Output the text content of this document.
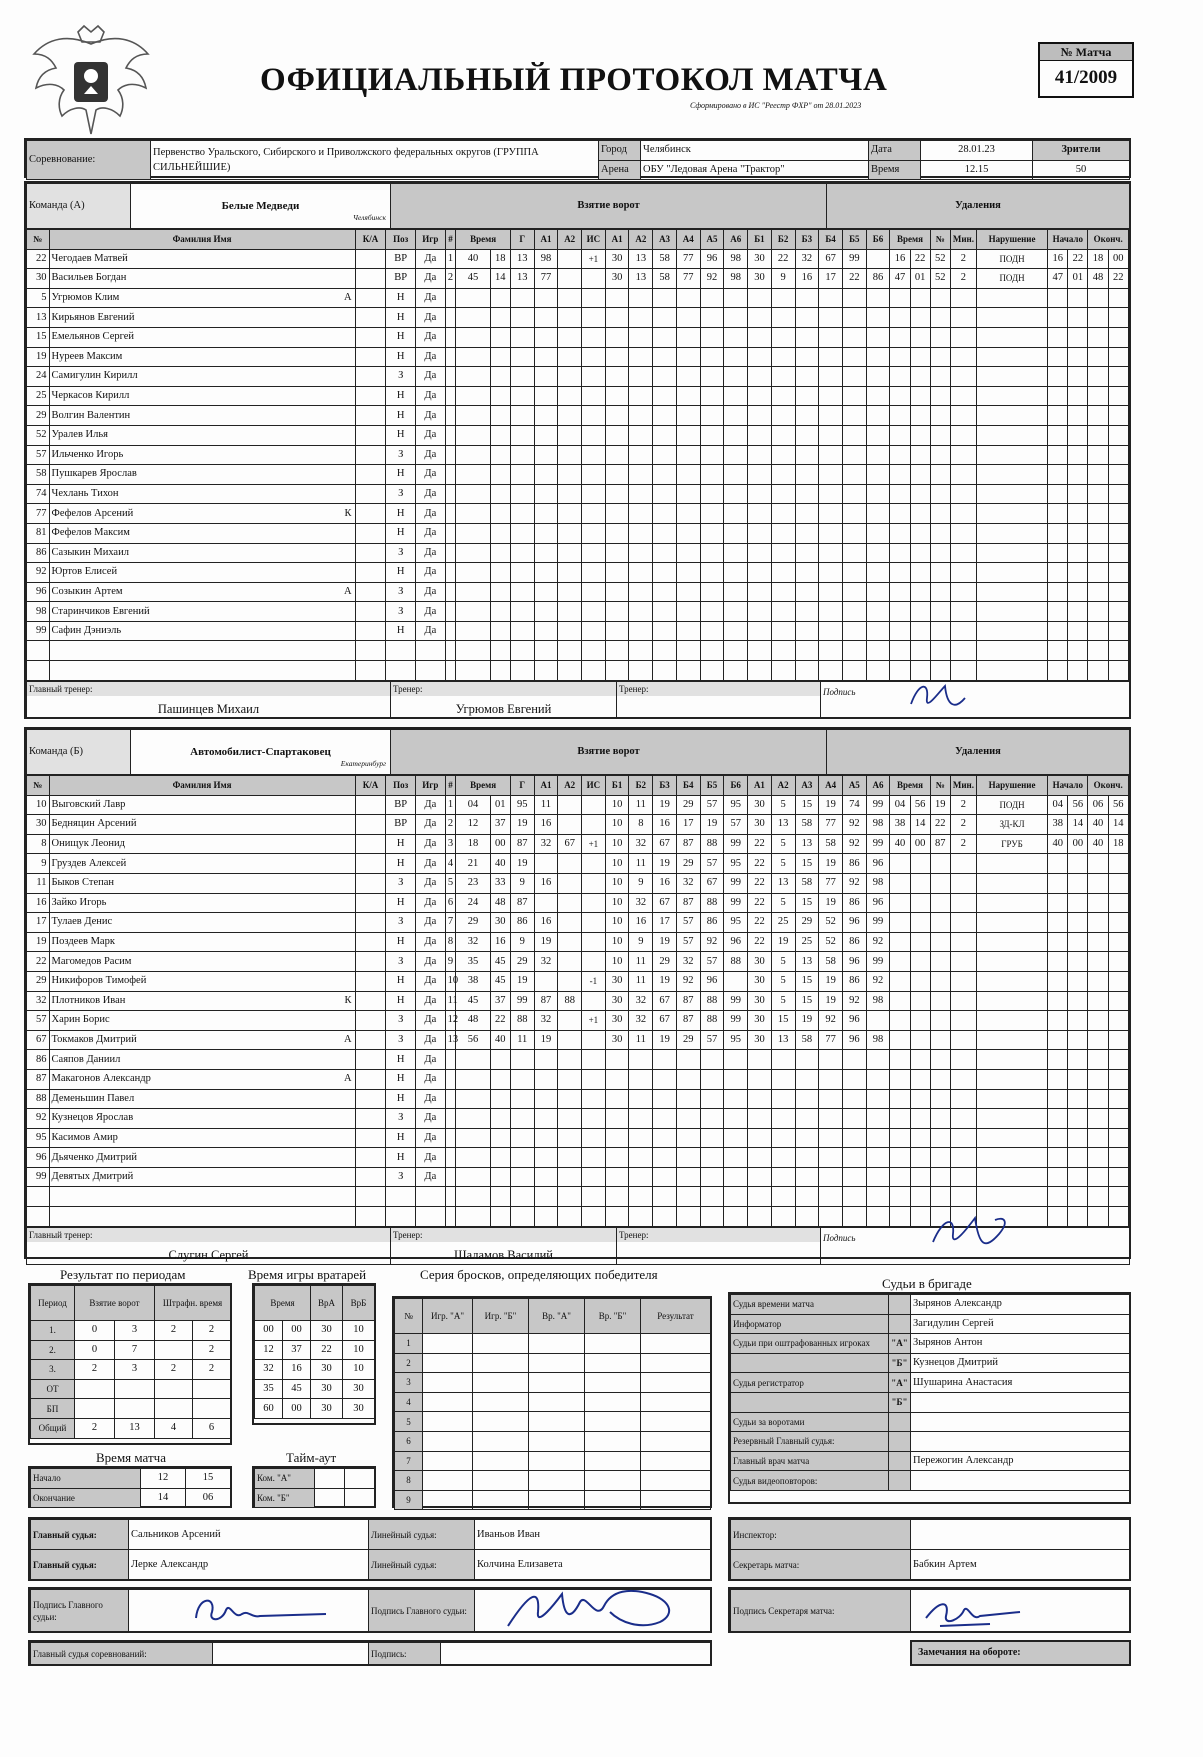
ОФИЦИАЛЬНЫЙ ПРОТОКОЛ МАТЧА
Сформировано в ИС "Реестр ФХР" от 28.01.2023
№ Матча
41/2009
Соревнование:	Первенство Уральского, Сибирского и Приволжского федеральных округов (ГРУППА СИЛЬНЕЙШИЕ)	Город	Челябинск	Дата	28.01.23	Зрители
		Арена	ОБУ "Ледовая Арена "Трактор"	Время	12.15	50
Команда (А)	Белые Медведи
Челябинск
	Взятие ворот	Удаления
№	Фамилия Имя	К/А	Поз	Игр	#	Время		Г	А1	А2	ИС	А1	А2	А3	А4	А5	А6	Б1	Б2	Б3	Б4	Б5	Б6	Время		№	Мин.	Нарушение	Начало		Оконч.	
22	Чегодаев Матвей		ВР	Да	1	40	18	13	98		+1	30	13	58	77	96	98	30	22	32	67	99		16	22	52	2	ПОДН	16	22	18	00
30	Васильев Богдан		ВР	Да	2	45	14	13	77			30	13	58	77	92	98	30	9	16	17	22	86	47	01	52	2	ПОДН	47	01	48	22
5	Угрюмов Клим А		Н	Да																												
13	Кирьянов Евгений		Н	Да																												
15	Емельянов Сергей		Н	Да																												
19	Нуреев Максим		Н	Да																												
24	Самигулин Кирилл		З	Да																												
25	Черкасов Кирилл		Н	Да																												
29	Волгин Валентин		Н	Да																												
52	Уралев Илья		Н	Да																												
57	Ильченко Игорь		З	Да																												
58	Пушкарев Ярослав		Н	Да																												
74	Чехлань Тихон		З	Да																												
77	Фефелов Арсений К		Н	Да																												
81	Фефелов Максим		Н	Да																												
86	Сазыкин Михаил		З	Да																												
92	Юртов Елисей		Н	Да																												
96	Созыкин Артем А		З	Да																												
98	Старинчиков Евгений		З	Да																												
99	Сафин Дэниэль		Н	Да																												

Главный тренер:
Пашинцев Михаил

Тренер:
Угрюмов Евгений

Тренер:	Подпись
Команда (Б)	Автомобилист-Спартаковец
Екатеринбург
	Взятие ворот	Удаления
№	Фамилия Имя	К/А	Поз	Игр	#	Время		Г	А1	А2	ИС	Б1	Б2	Б3	Б4	Б5	Б6	А1	А2	А3	А4	А5	А6	Время		№	Мин.	Нарушение	Начало		Оконч.	
10	Выговский Лавр		ВР	Да	1	04	01	95	11			10	11	19	29	57	95	30	5	15	19	74	99	04	56	19	2	ПОДН	04	56	06	56
30	Бедняцин Арсений		ВР	Да	2	12	37	19	16			10	8	16	17	19	57	30	13	58	77	92	98	38	14	22	2	ЗД-КЛ	38	14	40	14
8	Онищук Леонид		Н	Да	3	18	00	87	32	67	+1	10	32	67	87	88	99	22	5	13	58	92	99	40	00	87	2	ГРУБ	40	00	40	18
9	Груздев Алексей		Н	Да	4	21	40	19				10	11	19	29	57	95	22	5	15	19	86	96									
11	Быков Степан		З	Да	5	23	33	9	16			10	9	16	32	67	99	22	13	58	77	92	98									
16	Зайко Игорь		Н	Да	6	24	48	87				10	32	67	87	88	99	22	5	15	19	86	96									
17	Тулаев Денис		З	Да	7	29	30	86	16			10	16	17	57	86	95	22	25	29	52	96	99									
19	Поздеев Марк		Н	Да	8	32	16	9	19			10	9	19	57	92	96	22	19	25	52	86	92									
22	Магомедов Расим		З	Да	9	35	45	29	32			10	11	29	32	57	88	30	5	13	58	96	99									
29	Никифоров Тимофей		Н	Да	10	38	45	19			-1	30	11	19	92	96		30	5	15	19	86	92									
32	Плотников Иван К		Н	Да	11	45	37	99	87	88		30	32	67	87	88	99	30	5	15	19	92	98									
57	Харин Борис		З	Да	12	48	22	88	32		+1	30	32	67	87	88	99	30	15	19	92	96										
67	Токмаков Дмитрий А		З	Да	13	56	40	11	19			30	11	19	29	57	95	30	13	58	77	96	98									
86	Саяпов Даниил		Н	Да																												
87	Макагонов Александр А		Н	Да																												
88	Деменьшин Павел		Н	Да																												
92	Кузнецов Ярослав		З	Да																												
95	Касимов Амир		Н	Да																												
96	Дьяченко Дмитрий		Н	Да																												
99	Девятых Дмитрий		З	Да																												

Главный тренер:
Слугин Сергей

Тренер:
Шаламов Василий

Тренер:	Подпись
Результат по периодам
Период	Взятие ворот		Штрафн. время	
1.	0	3	2	2
2.	0	7		2
3.	2	3	2	2
ОТ				
БП				
Общий	2	13	4	6
Время игры вратарей
Время		ВрА	ВрБ
00	00	30	10
12	37	22	10
32	16	30	10
35	45	30	30
60	00	30	30
Время матча
Начало	12	15
Окончание	14	06
Тайм-аут
Ком. "А"		
Ком. "Б"		
Серия бросков, определяющих победителя
№	Игр. "А"	Игр. "Б"	Вр. "А"	Вр. "Б"	Результат
1					
2					
3					
4					
5					
6					
7					
8					
9					
Судьи в бригаде
Судья времени матча		Зырянов Александр
Информатор		Загидулин Сергей
Судьи при оштрафованных игроках	"А"	Зырянов Антон
	"Б"	Кузнецов Дмитрий
Судья регистратор	"А"	Шушарина Анастасия
	"Б"	
Судьи за воротами		
Резервный Главный судья:		
Главный врач матча		Пережогин Александр
Судья видеоповторов:		
Главный судья:	Сальников Арсений	Линейный судья:	Иваньов Иван
Главный судья:	Лерке Александр	Линейный судья:	Колчина Елизавета
Инспектор:	
Секретарь матча:	Бабкин Артем
Подпись Главного судьи:		Подпись Главного судьи:		Подпись Секретаря матча:	
Главный судья соревнований:		Подпись:		Замечания на обороте:
